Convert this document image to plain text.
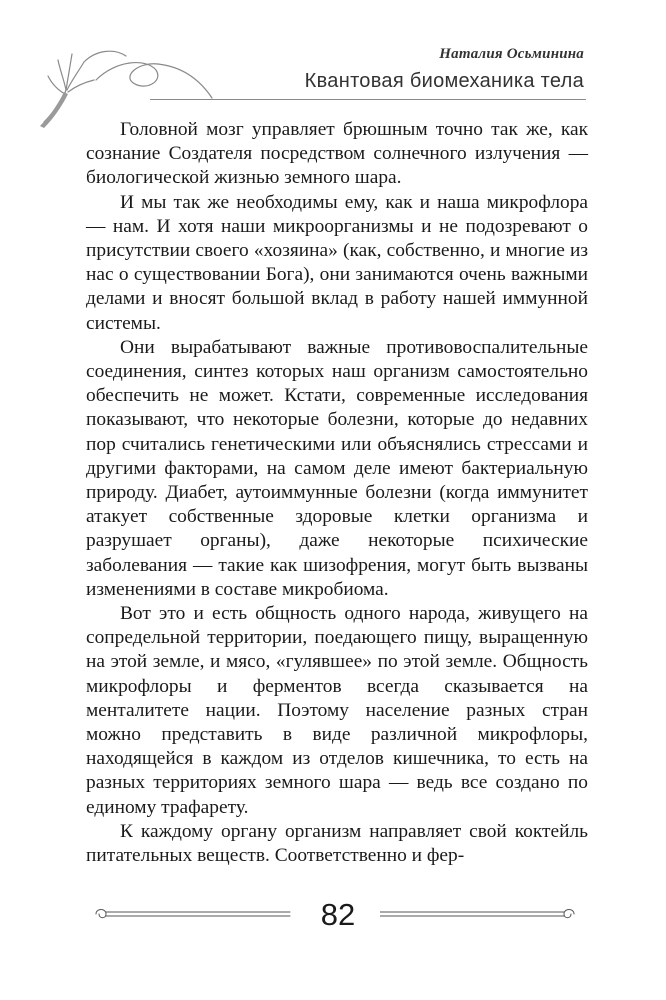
Наталия Осьминина
Квантовая биомеханика тела

Головной мозг управляет брюшным точно так же, как сознание Создателя посредством солнечного излучения — биологической жизнью земного шара.

И мы так же необходимы ему, как и наша микрофлора — нам. И хотя наши микроорганизмы и не подозревают о присутствии своего «хозяина» (как, собственно, и многие из нас о существовании Бога), они занимаются очень важными делами и вносят большой вклад в работу нашей иммунной системы.

Они вырабатывают важные противовоспалительные соединения, синтез которых наш организм самостоятельно обеспечить не может. Кстати, современные исследования показывают, что некоторые болезни, которые до недавних пор считались генетическими или объяснялись стрессами и другими факторами, на самом деле имеют бактериальную природу. Диабет, аутоиммунные болезни (когда иммунитет атакует собственные здоровые клетки организма и разрушает органы), даже некоторые психические заболевания — такие как шизофрения, могут быть вызваны изменениями в составе микробиома.

Вот это и есть общность одного народа, живущего на сопредельной территории, поедающего пищу, выращенную на этой земле, и мясо, «гулявшее» по этой земле. Общность микрофлоры и ферментов всегда сказывается на менталитете нации. Поэтому население разных стран можно представить в виде различной микрофлоры, находящейся в каждом из отделов кишечника, то есть на разных территориях земного шара — ведь все создано по единому трафарету.

К каждому органу организм направляет свой коктейль питательных веществ. Соответственно и фер-

82
